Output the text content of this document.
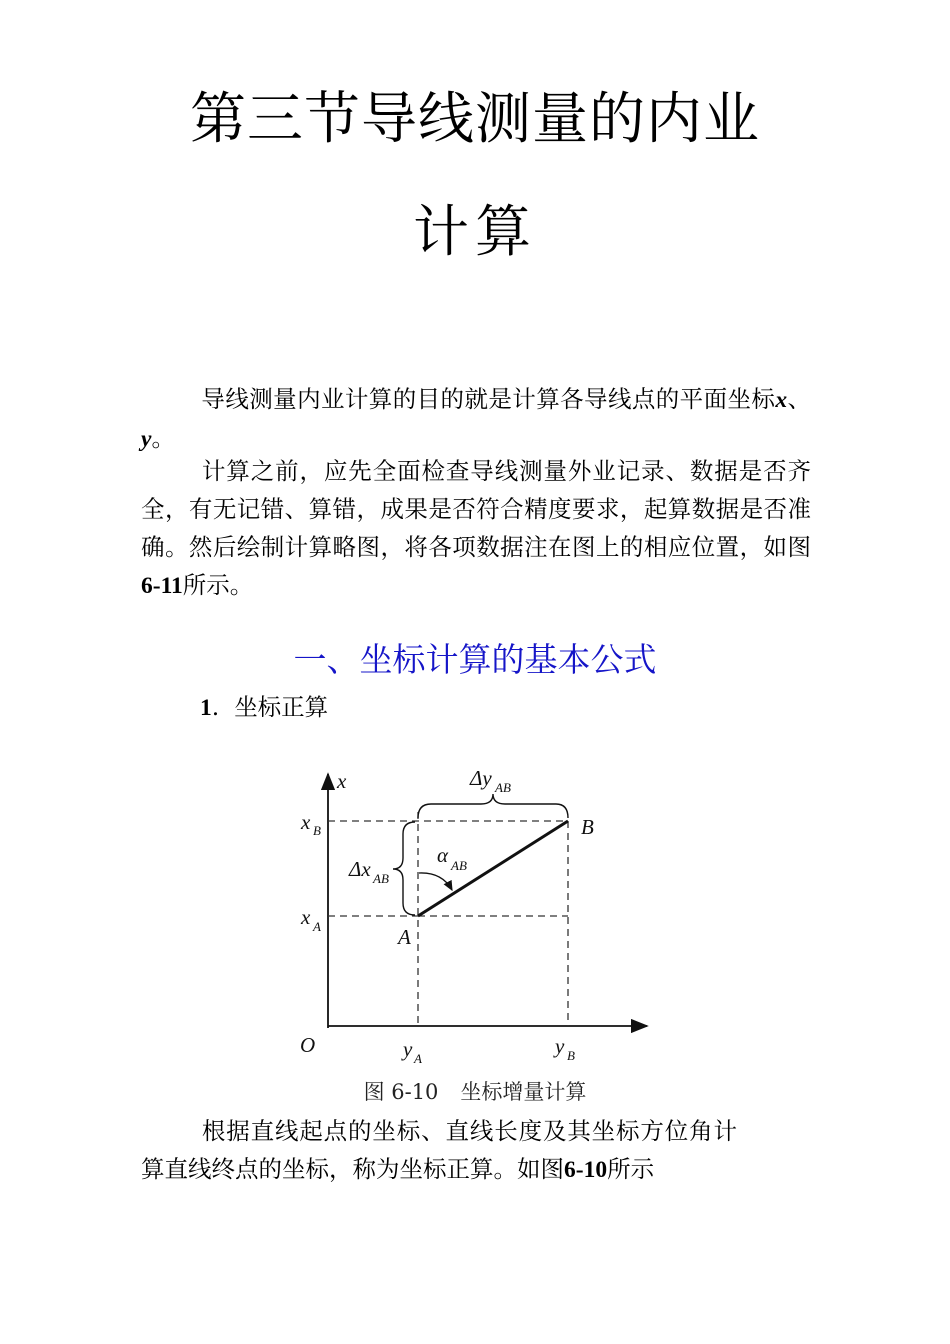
第三节导线测量的内业
计算

导线测量内业计算的目的就是计算各导线点的平面坐标x、y。

计算之前，应先全面检查导线测量外业记录、数据是否齐全，有无记错、算错，成果是否符合精度要求，起算数据是否准确。然后绘制计算略图，将各项数据注在图上的相应位置，如图6-11所示。

一、坐标计算的基本公式
1. 坐标正算
x
O
x B
x A
y A
y B
A
B
Δy AB
Δx AB
α AB
图 6-10 坐标增量计算

根据直线起点的坐标、直线长度及其坐标方位角计算直线终点的坐标，称为坐标正算。如图6-10所示
